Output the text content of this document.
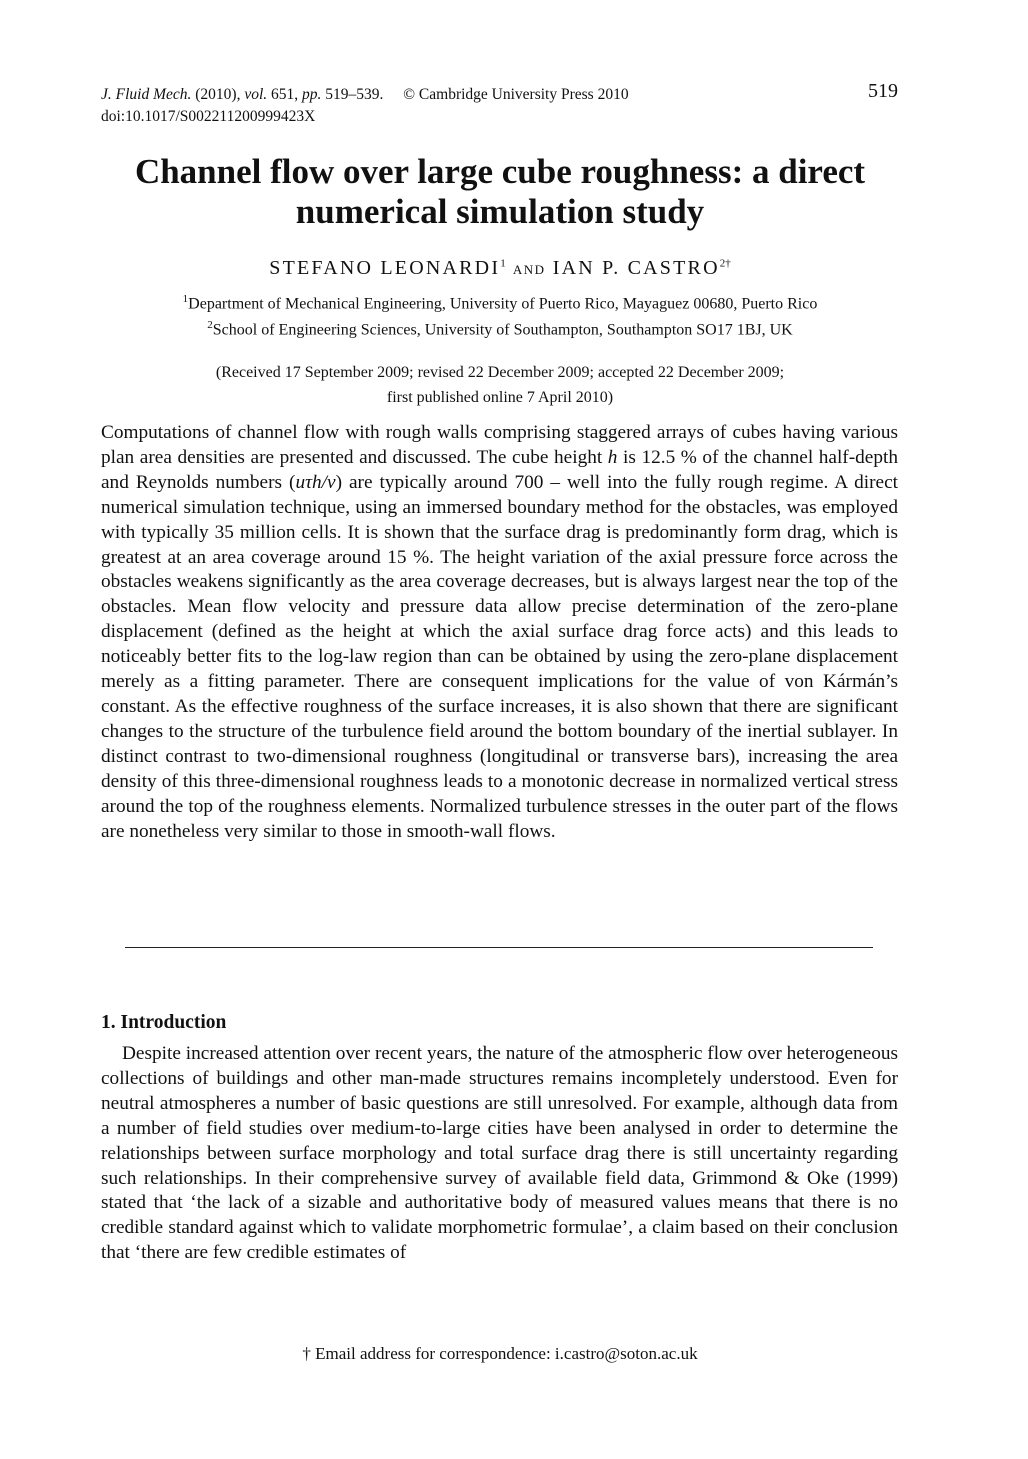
J. Fluid Mech. (2010), vol. 651, pp. 519–539. © Cambridge University Press 2010
doi:10.1017/S002211200999423X
519
Channel flow over large cube roughness: a direct numerical simulation study
STEFANO LEONARDI$^1$ AND IAN P. $CASTRO^{2\dagger}$
$^1$Department of Mechanical Engineering, University of Puerto Rico, Mayaguez 00680, Puerto Rico
$^2$School of Engineering Sciences, University of Southampton, Southampton SO17 1BJ, UK
(Received 17 September 2009; revised 22 December 2009; accepted 22 December 2009;
first published online 7 April 2010)
Computations of channel flow with rough walls comprising staggered arrays of cubes having various plan area densities are presented and discussed. The cube height h is 12.5 % of the channel half-depth and Reynolds numbers (uτh/ν) are typically around 700 – well into the fully rough regime. A direct numerical simulation technique, using an immersed boundary method for the obstacles, was employed with typically 35 million cells. It is shown that the surface drag is predominantly form drag, which is greatest at an area coverage around 15 %. The height variation of the axial pressure force across the obstacles weakens significantly as the area coverage decreases, but is always largest near the top of the obstacles. Mean flow velocity and pressure data allow precise determination of the zero-plane displacement (defined as the height at which the axial surface drag force acts) and this leads to noticeably better fits to the log-law region than can be obtained by using the zero-plane displacement merely as a fitting parameter. There are consequent implications for the value of von Kármán’s constant. As the effective roughness of the surface increases, it is also shown that there are significant changes to the structure of the turbulence field around the bottom boundary of the inertial sublayer. In distinct contrast to two-dimensional roughness (longitudinal or transverse bars), increasing the area density of this three-dimensional roughness leads to a monotonic decrease in normalized vertical stress around the top of the roughness elements. Normalized turbulence stresses in the outer part of the flows are nonetheless very similar to those in smooth-wall flows.
1. Introduction
Despite increased attention over recent years, the nature of the atmospheric flow over heterogeneous collections of buildings and other man-made structures remains incompletely understood. Even for neutral atmospheres a number of basic questions are still unresolved. For example, although data from a number of field studies over medium-to-large cities have been analysed in order to determine the relationships between surface morphology and total surface drag there is still uncertainty regarding such relationships. In their comprehensive survey of available field data, Grimmond & Oke (1999) stated that ‘the lack of a sizable and authoritative body of measured values means that there is no credible standard against which to validate morphometric formulae’, a claim based on their conclusion that ‘there are few credible estimates of
† Email address for correspondence: i.castro@soton.ac.uk
